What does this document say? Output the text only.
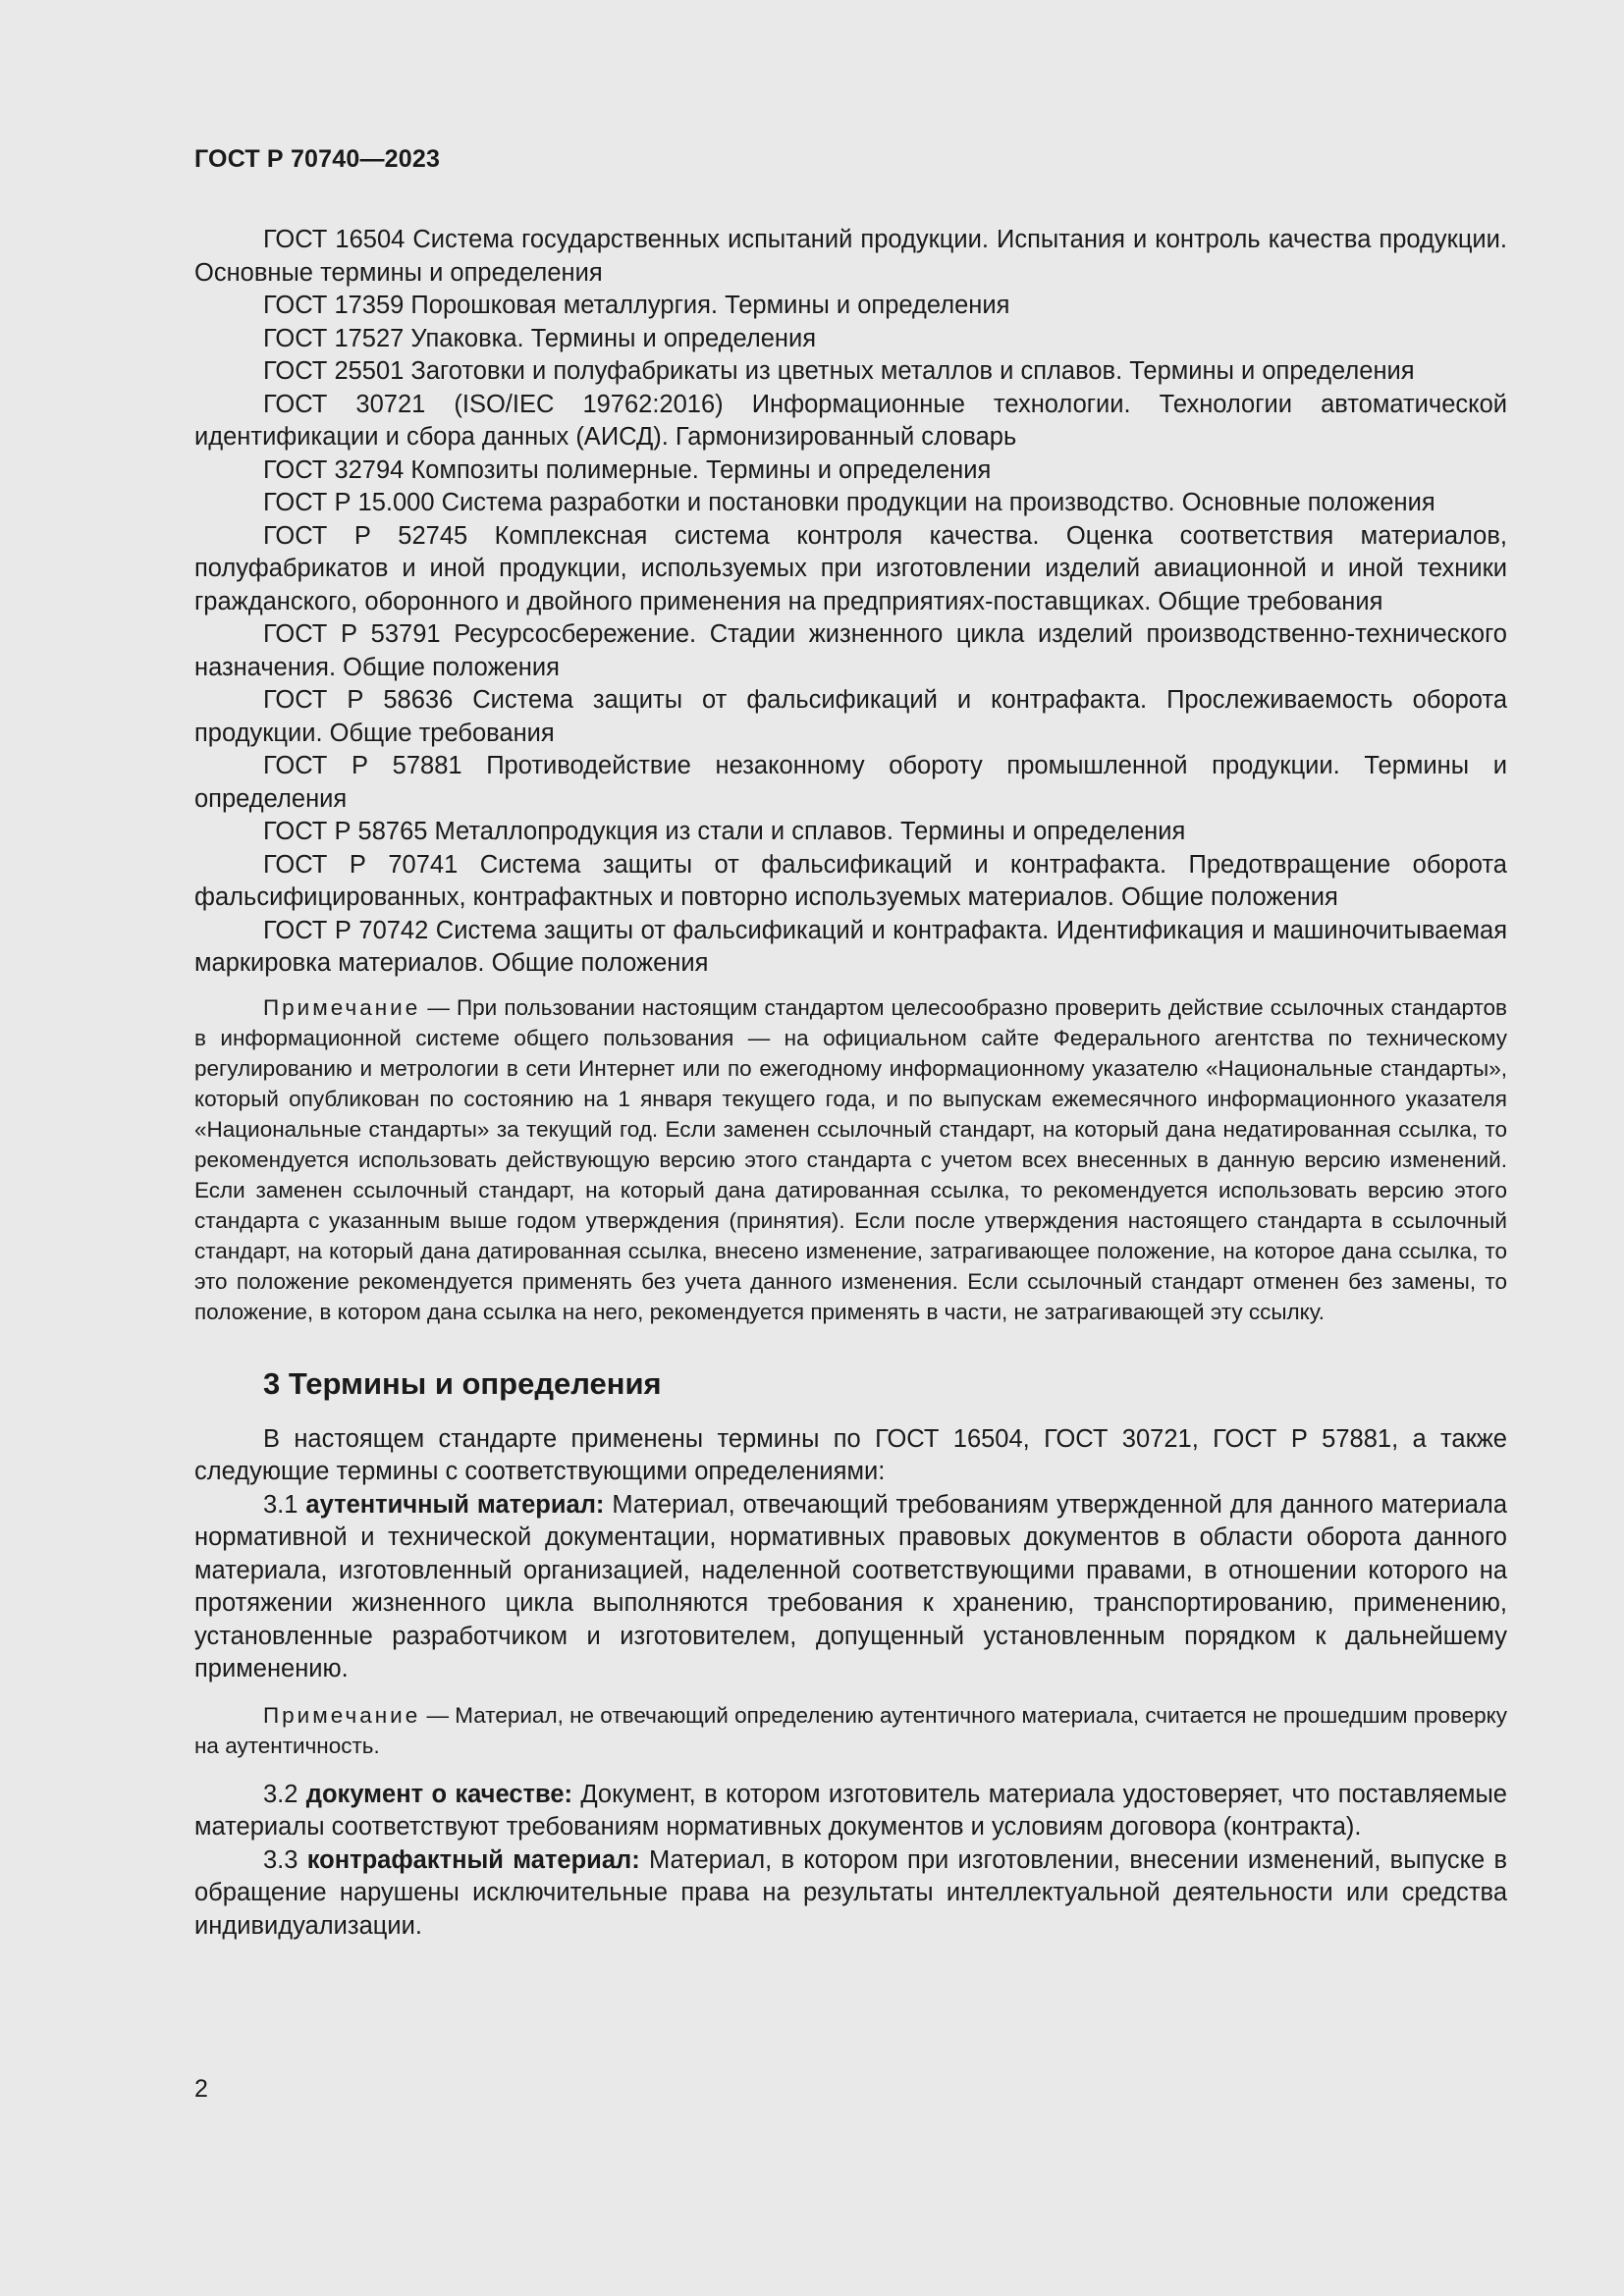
ГОСТ Р 70740—2023

ГОСТ 16504 Система государственных испытаний продукции. Испытания и контроль качества продукции. Основные термины и определения

ГОСТ 17359 Порошковая металлургия. Термины и определения

ГОСТ 17527 Упаковка. Термины и определения

ГОСТ 25501 Заготовки и полуфабрикаты из цветных металлов и сплавов. Термины и определения

ГОСТ 30721 (ISO/IEC 19762:2016) Информационные технологии. Технологии автоматической идентификации и сбора данных (АИСД). Гармонизированный словарь

ГОСТ 32794 Композиты полимерные. Термины и определения

ГОСТ Р 15.000 Система разработки и постановки продукции на производство. Основные положения

ГОСТ Р 52745 Комплексная система контроля качества. Оценка соответствия материалов, полуфабрикатов и иной продукции, используемых при изготовлении изделий авиационной и иной техники гражданского, оборонного и двойного применения на предприятиях-поставщиках. Общие требования

ГОСТ Р 53791 Ресурсосбережение. Стадии жизненного цикла изделий производственно-технического назначения. Общие положения

ГОСТ Р 58636 Система защиты от фальсификаций и контрафакта. Прослеживаемость оборота продукции. Общие требования

ГОСТ Р 57881 Противодействие незаконному обороту промышленной продукции. Термины и определения

ГОСТ Р 58765 Металлопродукция из стали и сплавов. Термины и определения

ГОСТ Р 70741 Система защиты от фальсификаций и контрафакта. Предотвращение оборота фальсифицированных, контрафактных и повторно используемых материалов. Общие положения

ГОСТ Р 70742 Система защиты от фальсификаций и контрафакта. Идентификация и машиночитываемая маркировка материалов. Общие положения

Примечание — При пользовании настоящим стандартом целесообразно проверить действие ссылочных стандартов в информационной системе общего пользования — на официальном сайте Федерального агентства по техническому регулированию и метрологии в сети Интернет или по ежегодному информационному указателю «Национальные стандарты», который опубликован по состоянию на 1 января текущего года, и по выпускам ежемесячного информационного указателя «Национальные стандарты» за текущий год. Если заменен ссылочный стандарт, на который дана недатированная ссылка, то рекомендуется использовать действующую версию этого стандарта с учетом всех внесенных в данную версию изменений. Если заменен ссылочный стандарт, на который дана датированная ссылка, то рекомендуется использовать версию этого стандарта с указанным выше годом утверждения (принятия). Если после утверждения настоящего стандарта в ссылочный стандарт, на который дана датированная ссылка, внесено изменение, затрагивающее положение, на которое дана ссылка, то это положение рекомендуется применять без учета данного изменения. Если ссылочный стандарт отменен без замены, то положение, в котором дана ссылка на него, рекомендуется применять в части, не затрагивающей эту ссылку.

3 Термины и определения

В настоящем стандарте применены термины по ГОСТ 16504, ГОСТ 30721, ГОСТ Р 57881, а также следующие термины с соответствующими определениями:

3.1 аутентичный материал: Материал, отвечающий требованиям утвержденной для данного материала нормативной и технической документации, нормативных правовых документов в области оборота данного материала, изготовленный организацией, наделенной соответствующими правами, в отношении которого на протяжении жизненного цикла выполняются требования к хранению, транспортированию, применению, установленные разработчиком и изготовителем, допущенный установленным порядком к дальнейшему применению.

Примечание — Материал, не отвечающий определению аутентичного материала, считается не прошедшим проверку на аутентичность.

3.2 документ о качестве: Документ, в котором изготовитель материала удостоверяет, что поставляемые материалы соответствуют требованиям нормативных документов и условиям договора (контракта).

3.3 контрафактный материал: Материал, в котором при изготовлении, внесении изменений, выпуске в обращение нарушены исключительные права на результаты интеллектуальной деятельности или средства индивидуализации.

2
